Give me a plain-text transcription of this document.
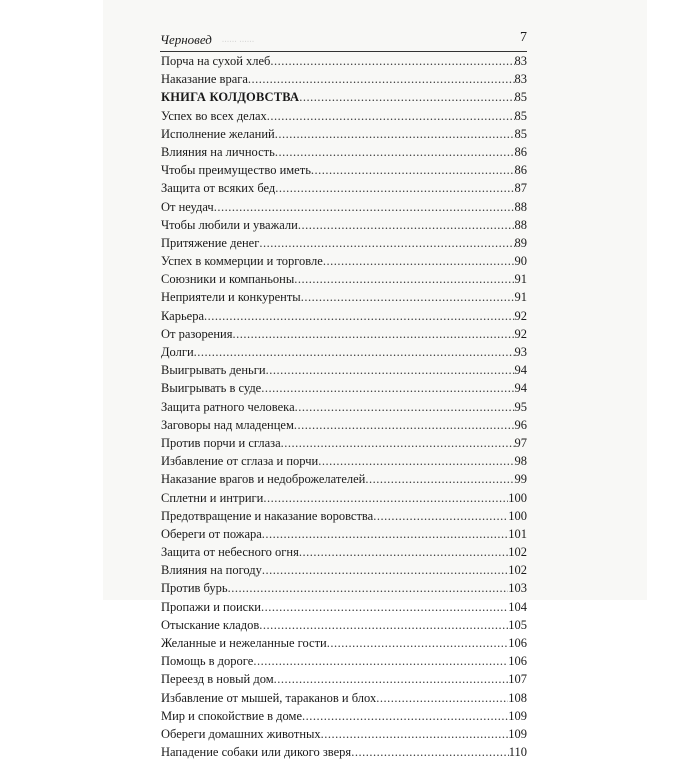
Черновед ...... ......	7
Порча на сухой хлеб .....	83
Наказание врага .....	83
КНИГА КОЛДОВСТВА .....	85
Успех во всех делах .....	85
Исполнение желаний .....	85
Влияния на личность .....	86
Чтобы преимущество иметь .....	86
Защита от всяких бед .....	87
От неудач .....	88
Чтобы любили и уважали .....	88
Притяжение денег .....	89
Успех в коммерции и торговле .....	90
Союзники и компаньоны .....	91
Неприятели и конкуренты .....	91
Карьера .....	92
От разорения .....	92
Долги .....	93
Выигрывать деньги .....	94
Выигрывать в суде .....	94
Защита ратного человека .....	95
Заговоры над младенцем .....	96
Против порчи и сглаза .....	97
Избавление от сглаза и порчи .....	98
Наказание врагов и недоброжелателей .....	99
Сплетни и интриги .....	100
Предотвращение и наказание воровства .....	100
Обереги от пожара .....	101
Защита от небесного огня .....	102
Влияния на погоду .....	102
Против бурь .....	103
Пропажи и поиски .....	104
Отыскание кладов .....	105
Желанные и нежеланные гости .....	106
Помощь в дороге .....	106
Переезд в новый дом .....	107
Избавление от мышей, тараканов и блох .....	108
Мир и спокойствие в доме .....	109
Обереги домашних животных .....	109
Нападение собаки или дикого зверя .....	110
